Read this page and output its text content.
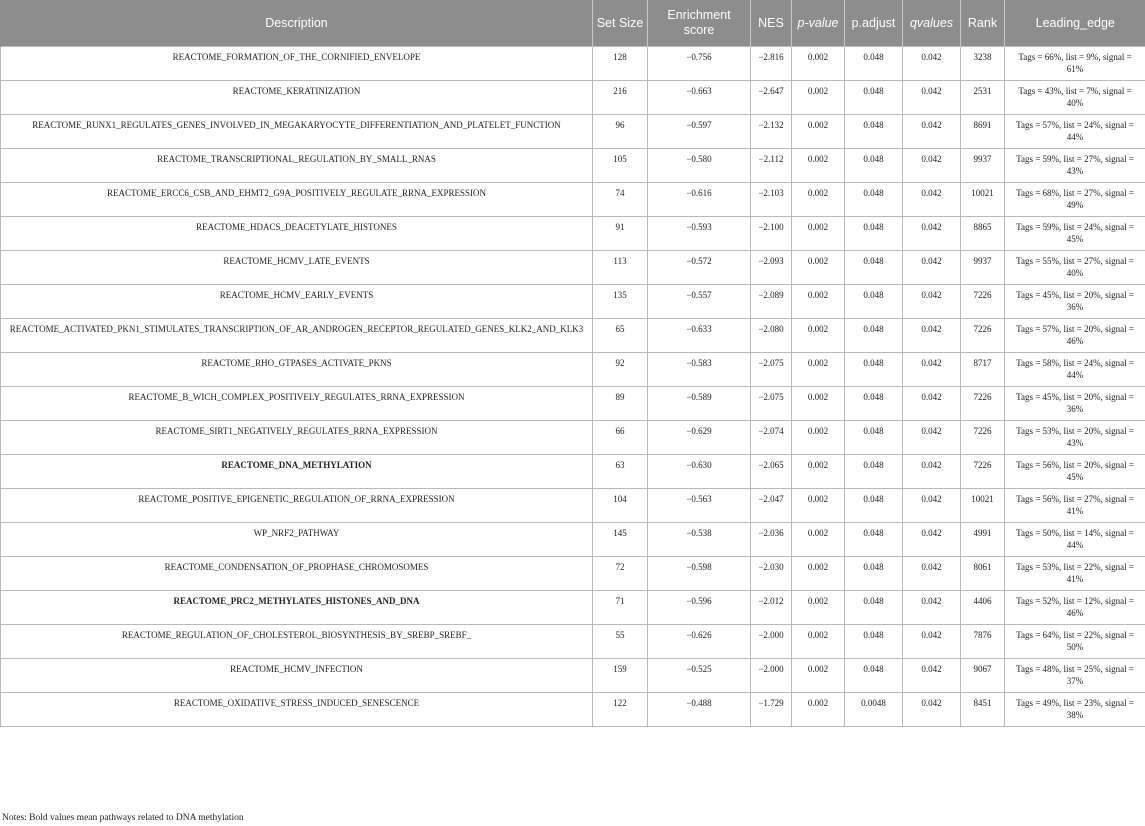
Description	Set Size	Enrichment score	NES	p-value	p.adjust	qvalues	Rank	Leading_edge
REACTOME_FORMATION_OF_THE_CORNIFIED_ENVELOPE	128	−0.756	−2.816	0.002	0.048	0.042	3238	Tags = 66%, list = 9%, signal = 61%
REACTOME_KERATINIZATION	216	−0.663	−2.647	0.002	0.048	0.042	2531	Tags = 43%, list = 7%, signal = 40%
REACTOME_RUNX1_REGULATES_GENES_INVOLVED_IN_MEGAKARYOCYTE_DIFFERENTIATION_AND_PLATELET_FUNCTION	96	−0.597	−2.132	0.002	0.048	0.042	8691	Tags = 57%, list = 24%, signal = 44%
REACTOME_TRANSCRIPTIONAL_REGULATION_BY_SMALL_RNAS	105	−0.580	−2.112	0.002	0.048	0.042	9937	Tags = 59%, list = 27%, signal = 43%
REACTOME_ERCC6_CSB_AND_EHMT2_G9A_POSITIVELY_REGULATE_RRNA_EXPRESSION	74	−0.616	−2.103	0.002	0.048	0.042	10021	Tags = 68%, list = 27%, signal = 49%
REACTOME_HDACS_DEACETYLATE_HISTONES	91	−0.593	−2.100	0.002	0.048	0.042	8865	Tags = 59%, list = 24%, signal = 45%
REACTOME_HCMV_LATE_EVENTS	113	−0.572	−2.093	0.002	0.048	0.042	9937	Tags = 55%, list = 27%, signal = 40%
REACTOME_HCMV_EARLY_EVENTS	135	−0.557	−2.089	0.002	0.048	0.042	7226	Tags = 45%, list = 20%, signal = 36%
REACTOME_ACTIVATED_PKN1_STIMULATES_TRANSCRIPTION_OF_AR_ANDROGEN_RECEPTOR_REGULATED_GENES_KLK2_AND_KLK3	65	−0.633	−2.080	0.002	0.048	0.042	7226	Tags = 57%, list = 20%, signal = 46%
REACTOME_RHO_GTPASES_ACTIVATE_PKNS	92	−0.583	−2.075	0.002	0.048	0.042	8717	Tags = 58%, list = 24%, signal = 44%
REACTOME_B_WICH_COMPLEX_POSITIVELY_REGULATES_RRNA_EXPRESSION	89	−0.589	−2.075	0.002	0.048	0.042	7226	Tags = 45%, list = 20%, signal = 36%
REACTOME_SIRT1_NEGATIVELY_REGULATES_RRNA_EXPRESSION	66	−0.629	−2.074	0.002	0.048	0.042	7226	Tags = 53%, list = 20%, signal = 43%
REACTOME_DNA_METHYLATION	63	−0.630	−2.065	0.002	0.048	0.042	7226	Tags = 56%, list = 20%, signal = 45%
REACTOME_POSITIVE_EPIGENETIC_REGULATION_OF_RRNA_EXPRESSION	104	−0.563	−2.047	0.002	0.048	0.042	10021	Tags = 56%, list = 27%, signal = 41%
WP_NRF2_PATHWAY	145	−0.538	−2.036	0.002	0.048	0.042	4991	Tags = 50%, list = 14%, signal = 44%
REACTOME_CONDENSATION_OF_PROPHASE_CHROMOSOMES	72	−0.598	−2.030	0.002	0.048	0.042	8061	Tags = 53%, list = 22%, signal = 41%
REACTOME_PRC2_METHYLATES_HISTONES_AND_DNA	71	−0.596	−2.012	0.002	0.048	0.042	4406	Tags = 52%, list = 12%, signal = 46%
REACTOME_REGULATION_OF_CHOLESTEROL_BIOSYNTHESIS_BY_SREBP_SREBF_	55	−0.626	−2.000	0.002	0.048	0.042	7876	Tags = 64%, list = 22%, signal = 50%
REACTOME_HCMV_INFECTION	159	−0.525	−2.000	0.002	0.048	0.042	9067	Tags = 48%, list = 25%, signal = 37%
REACTOME_OXIDATIVE_STRESS_INDUCED_SENESCENCE	122	−0.488	−1.729	0.002	0.0048	0.042	8451	Tags = 49%, list = 23%, signal = 38%
Notes: Bold values mean pathways related to DNA methylation
